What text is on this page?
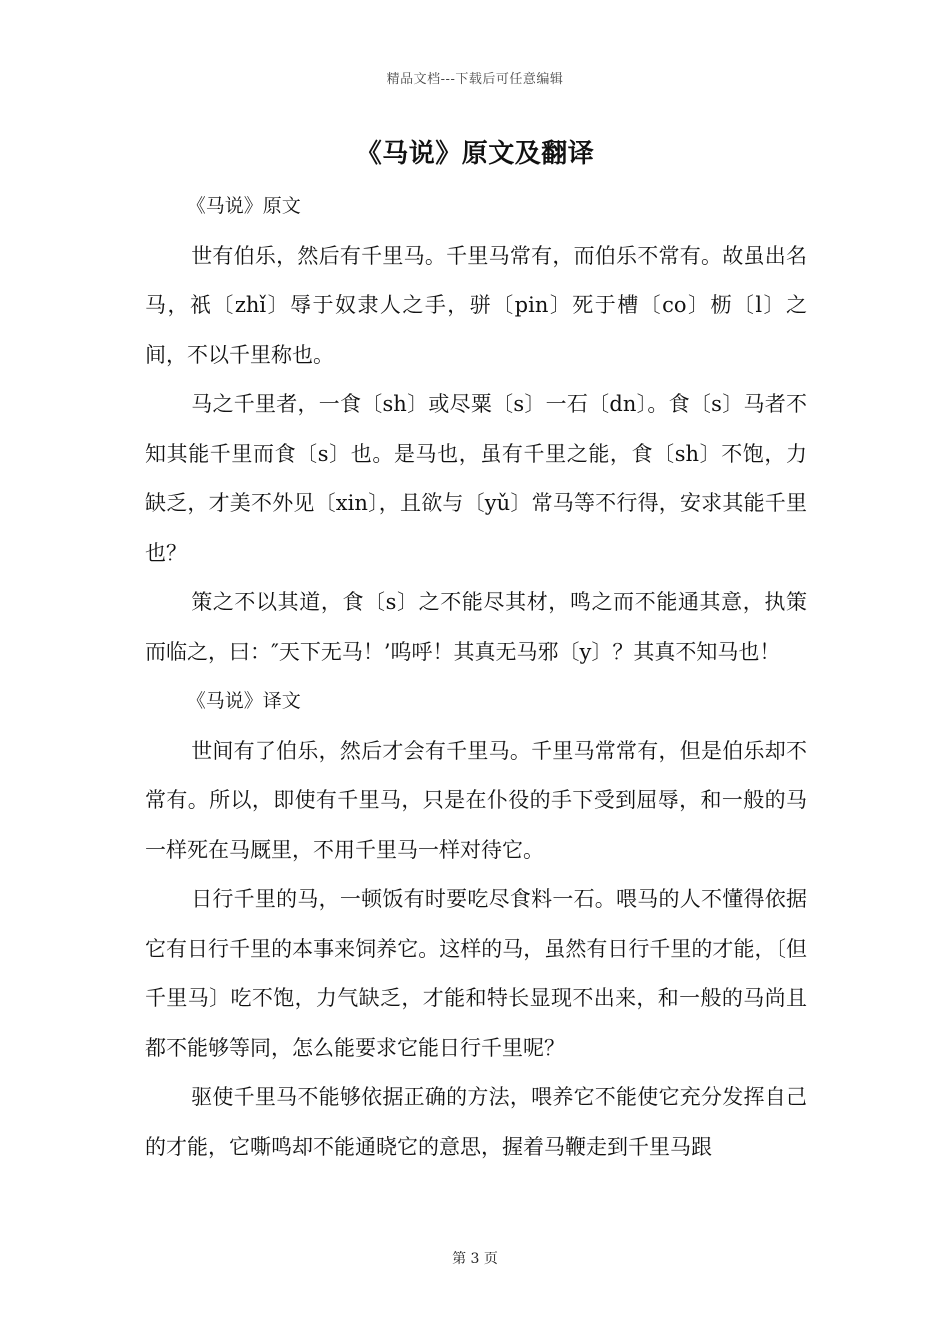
精品文档---下载后可任意编辑
《马说》原文及翻译

《马说》原文

世有伯乐，然后有千里马。千里马常有，而伯乐不常有。故虽出名马，祇〔zhǐ〕辱于奴隶人之手，骈〔pin〕死于槽〔co〕枥〔l〕之间，不以千里称也。

马之千里者，一食〔sh〕或尽粟〔s〕一石〔dn〕。食〔s〕马者不知其能千里而食〔s〕也。是马也，虽有千里之能，食〔sh〕不饱，力缺乏，才美不外见〔xin〕，且欲与〔yǔ〕常马等不行得，安求其能千里也？

策之不以其道，食〔s〕之不能尽其材，鸣之而不能通其意，执策而临之，曰：″天下无马！’呜呼！其真无马邪〔y〕？其真不知马也！

《马说》译文

世间有了伯乐，然后才会有千里马。千里马常常有，但是伯乐却不常有。所以，即使有千里马，只是在仆役的手下受到屈辱，和一般的马一样死在马厩里，不用千里马一样对待它。

日行千里的马，一顿饭有时要吃尽食料一石。喂马的人不懂得依据它有日行千里的本事来饲养它。这样的马，虽然有日行千里的才能，〔但千里马〕吃不饱，力气缺乏，才能和特长显现不出来，和一般的马尚且都不能够等同，怎么能要求它能日行千里呢？

驱使千里马不能够依据正确的方法，喂养它不能使它充分发挥自己的才能，它嘶鸣却不能通晓它的意思，握着马鞭走到千里马跟

第 3 页
